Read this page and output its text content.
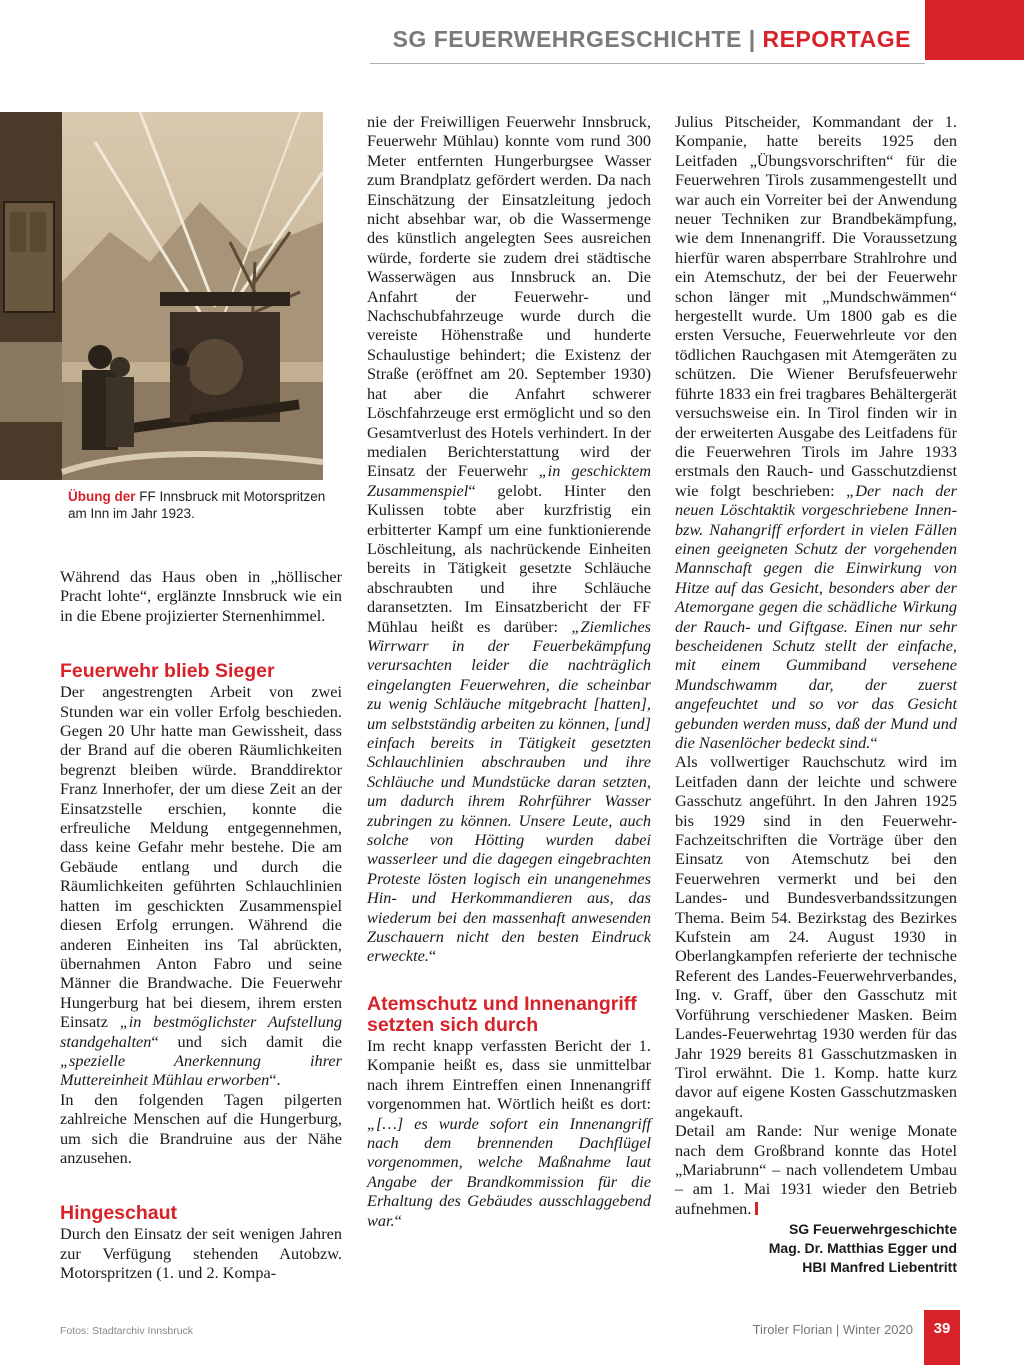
SG FEUERWEHRGESCHICHTE | REPORTAGE
Übung der FF Innsbruck mit Motorspritzen am Inn im Jahr 1923.

Während das Haus oben in „höllischer Pracht lohte“, erglänzte Innsbruck wie ein in die Ebene projizierter Sternenhimmel.

Feuerwehr blieb Sieger

Der angestrengten Arbeit von zwei Stunden war ein voller Erfolg beschieden. Gegen 20 Uhr hatte man Gewissheit, dass der Brand auf die oberen Räumlichkeiten begrenzt bleiben würde. Branddirektor Franz Innerhofer, der um diese Zeit an der Einsatzstelle erschien, konnte die erfreuliche Meldung entgegennehmen, dass keine Gefahr mehr bestehe. Die am Gebäude entlang und durch die Räumlichkeiten geführten Schlauchlinien hatten im geschickten Zusammenspiel diesen Erfolg errungen. Während die anderen Einheiten ins Tal abrückten, übernahmen Anton Fabro und seine Männer die Brandwache. Die Feuerwehr Hungerburg hat bei diesem, ihrem ersten Einsatz „in bestmöglichster Aufstellung standgehalten“ und sich damit die „spezielle Anerkennung ihrer Muttereinheit Mühlau erworben“.

In den folgenden Tagen pilgerten zahlreiche Menschen auf die Hungerburg, um sich die Brandruine aus der Nähe anzusehen.

Hingeschaut

Durch den Einsatz der seit wenigen Jahren zur Verfügung stehenden Autobzw. Motorspritzen (1. und 2. Kompa-

nie der Freiwilligen Feuerwehr Innsbruck, Feuerwehr Mühlau) konnte vom rund 300 Meter entfernten Hungerburgsee Wasser zum Brandplatz gefördert werden. Da nach Einschätzung der Einsatzleitung jedoch nicht absehbar war, ob die Wassermenge des künstlich angelegten Sees ausreichen würde, forderte sie zudem drei städtische Wasserwägen aus Innsbruck an. Die Anfahrt der Feuerwehr- und Nachschubfahrzeuge wurde durch die vereiste Höhenstraße und hunderte Schaulustige behindert; die Existenz der Straße (eröffnet am 20. September 1930) hat aber die Anfahrt schwerer Löschfahrzeuge erst ermöglicht und so den Gesamtverlust des Hotels verhindert. In der medialen Berichterstattung wird der Einsatz der Feuerwehr „in geschicktem Zusammenspiel“ gelobt. Hinter den Kulissen tobte aber kurzfristig ein erbitterter Kampf um eine funktionierende Löschleitung, als nachrückende Einheiten bereits in Tätigkeit gesetzte Schläuche abschraubten und ihre Schläuche daransetzten. Im Einsatzbericht der FF Mühlau heißt es darüber: „Ziemliches Wirrwarr in der Feuerbekämpfung verursachten leider die nachträglich eingelangten Feuerwehren, die scheinbar zu wenig Schläuche mitgebracht [hatten], um selbstständig arbeiten zu können, [und] einfach bereits in Tätigkeit gesetzten Schlauchlinien abschrauben und ihre Schläuche und Mundstücke daran setzten, um dadurch ihrem Rohrführer Wasser zubringen zu können. Unsere Leute, auch solche von Hötting wurden dabei wasserleer und die dagegen eingebrachten Proteste lösten logisch ein unangenehmes Hin- und Herkommandieren aus, das wiederum bei den massenhaft anwesenden Zuschauern nicht den besten Eindruck erweckte.“

Atemschutz und Innenangriff setzten sich durch

Im recht knapp verfassten Bericht der 1. Kompanie heißt es, dass sie unmittelbar nach ihrem Eintreffen einen Innenangriff vorgenommen hat. Wörtlich heißt es dort: „[…] es wurde sofort ein Innenangriff nach dem brennenden Dachflügel vorgenommen, welche Maßnahme laut Angabe der Brandkommission für die Erhaltung des Gebäudes ausschlaggebend war.“

Julius Pitscheider, Kommandant der 1. Kompanie, hatte bereits 1925 den Leitfaden „Übungsvorschriften“ für die Feuerwehren Tirols zusammengestellt und war auch ein Vorreiter bei der Anwendung neuer Techniken zur Brandbekämpfung, wie dem Innenangriff. Die Voraussetzung hierfür waren absperrbare Strahlrohre und ein Atemschutz, der bei der Feuerwehr schon länger mit „Mundschwämmen“ hergestellt wurde. Um 1800 gab es die ersten Versuche, Feuerwehrleute vor den tödlichen Rauchgasen mit Atemgeräten zu schützen. Die Wiener Berufsfeuerwehr führte 1833 ein frei tragbares Behältergerät versuchsweise ein. In Tirol finden wir in der erweiterten Ausgabe des Leitfadens für die Feuerwehren Tirols im Jahre 1933 erstmals den Rauch- und Gasschutzdienst wie folgt beschrieben: „Der nach der neuen Löschtaktik vorgeschriebene Innen- bzw. Nahangriff erfordert in vielen Fällen einen geeigneten Schutz der vorgehenden Mannschaft gegen die Einwirkung von Hitze auf das Gesicht, besonders aber der Atemorgane gegen die schädliche Wirkung der Rauch- und Giftgase. Einen nur sehr bescheidenen Schutz stellt der einfache, mit einem Gummiband versehene Mundschwamm dar, der zuerst angefeuchtet und so vor das Gesicht gebunden werden muss, daß der Mund und die Nasenlöcher bedeckt sind.“

Als vollwertiger Rauchschutz wird im Leitfaden dann der leichte und schwere Gasschutz angeführt. In den Jahren 1925 bis 1929 sind in den Feuerwehr-Fachzeitschriften die Vorträge über den Einsatz von Atemschutz bei den Feuerwehren vermerkt und bei den Landes- und Bundesverbandssitzungen Thema. Beim 54. Bezirkstag des Bezirkes Kufstein am 24. August 1930 in Oberlangkampfen referierte der technische Referent des Landes-Feuerwehrverbandes, Ing. v. Graff, über den Gasschutz mit Vorführung verschiedener Masken. Beim Landes-Feuerwehrtag 1930 werden für das Jahr 1929 bereits 81 Gasschutzmasken in Tirol erwähnt. Die 1. Komp. hatte kurz davor auf eigene Kosten Gasschutzmasken angekauft.

Detail am Rande: Nur wenige Monate nach dem Großbrand konnte das Hotel „Mariabrunn“ – nach vollendetem Umbau – am 1. Mai 1931 wieder den Betrieb aufnehmen.

SG Feuerwehrgeschichte
Mag. Dr. Matthias Egger und
HBI Manfred Liebentritt
Fotos: Stadtarchiv Innsbruck	Tiroler Florian | Winter 2020	39
